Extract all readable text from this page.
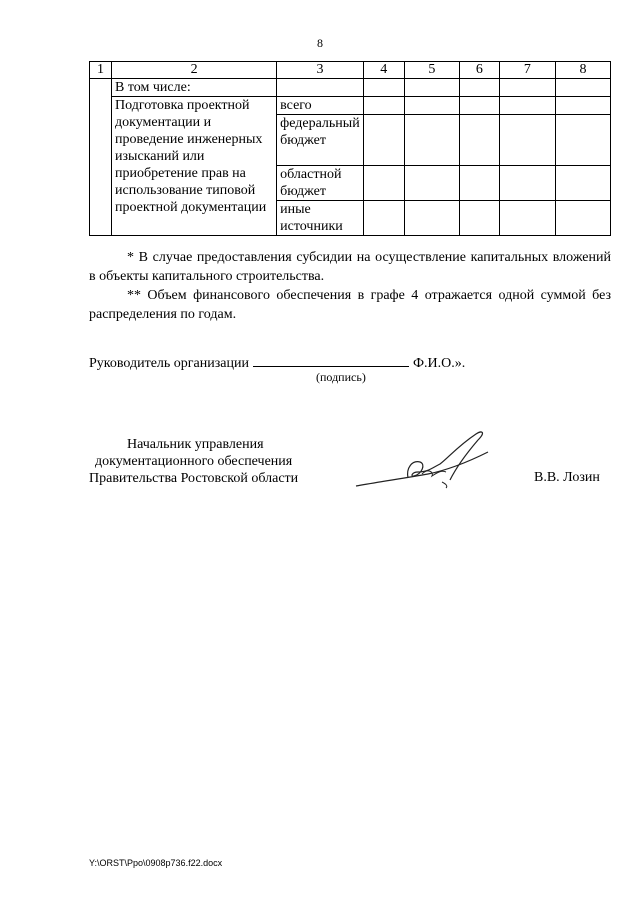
8
1	2	3	4	5	6	7	8
	В том числе:						
	Подготовка проектной документации и проведение инженерных изысканий или приобретение прав на использование типовой проектной документации	всего					
		федеральный бюджет					
		областной бюджет					
		иные источники					

* В случае предоставления субсидии на осуществление капитальных вложений в объекты капитального строительства.

** Объем финансового обеспечения в графе 4 отражается одной суммой без распределения по годам.

Руководитель организации	Ф.И.О.».
(подпись)
Начальник управления
документационного обеспечения
Правительства Ростовской области	В.В. Лозин
Y:\ORST\Ppo\0908p736.f22.docx
